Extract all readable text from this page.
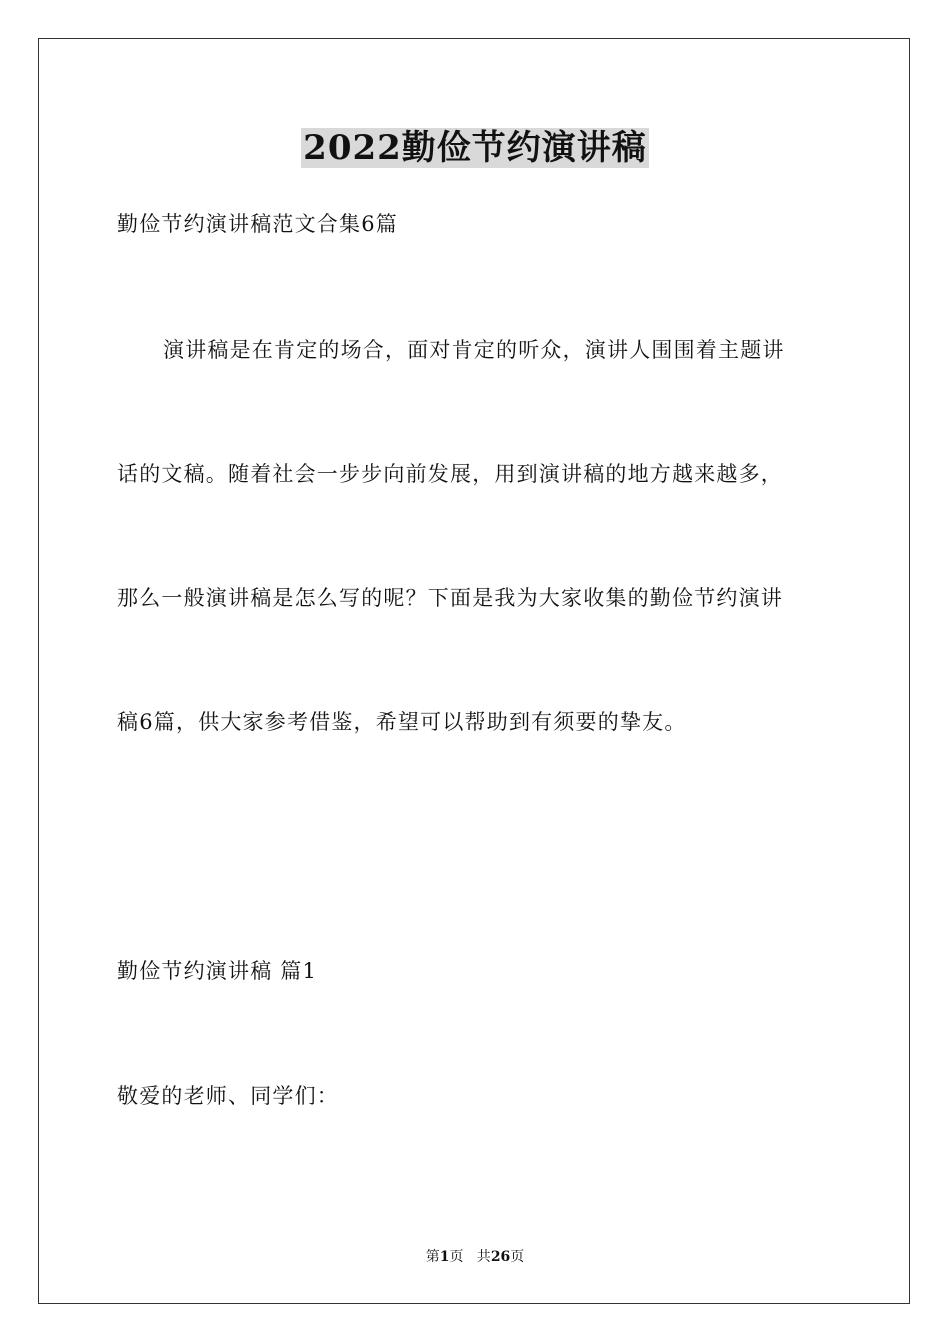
2022勤俭节约演讲稿
勤俭节约演讲稿范文合集6篇
演讲稿是在肯定的场合，面对肯定的听众，演讲人围围着主题讲
话的文稿。随着社会一步步向前发展，用到演讲稿的地方越来越多，
那么一般演讲稿是怎么写的呢？下面是我为大家收集的勤俭节约演讲
稿6篇，供大家参考借鉴，希望可以帮助到有须要的挚友。
勤俭节约演讲稿 篇1
敬爱的老师、同学们：
第1页   共26页
